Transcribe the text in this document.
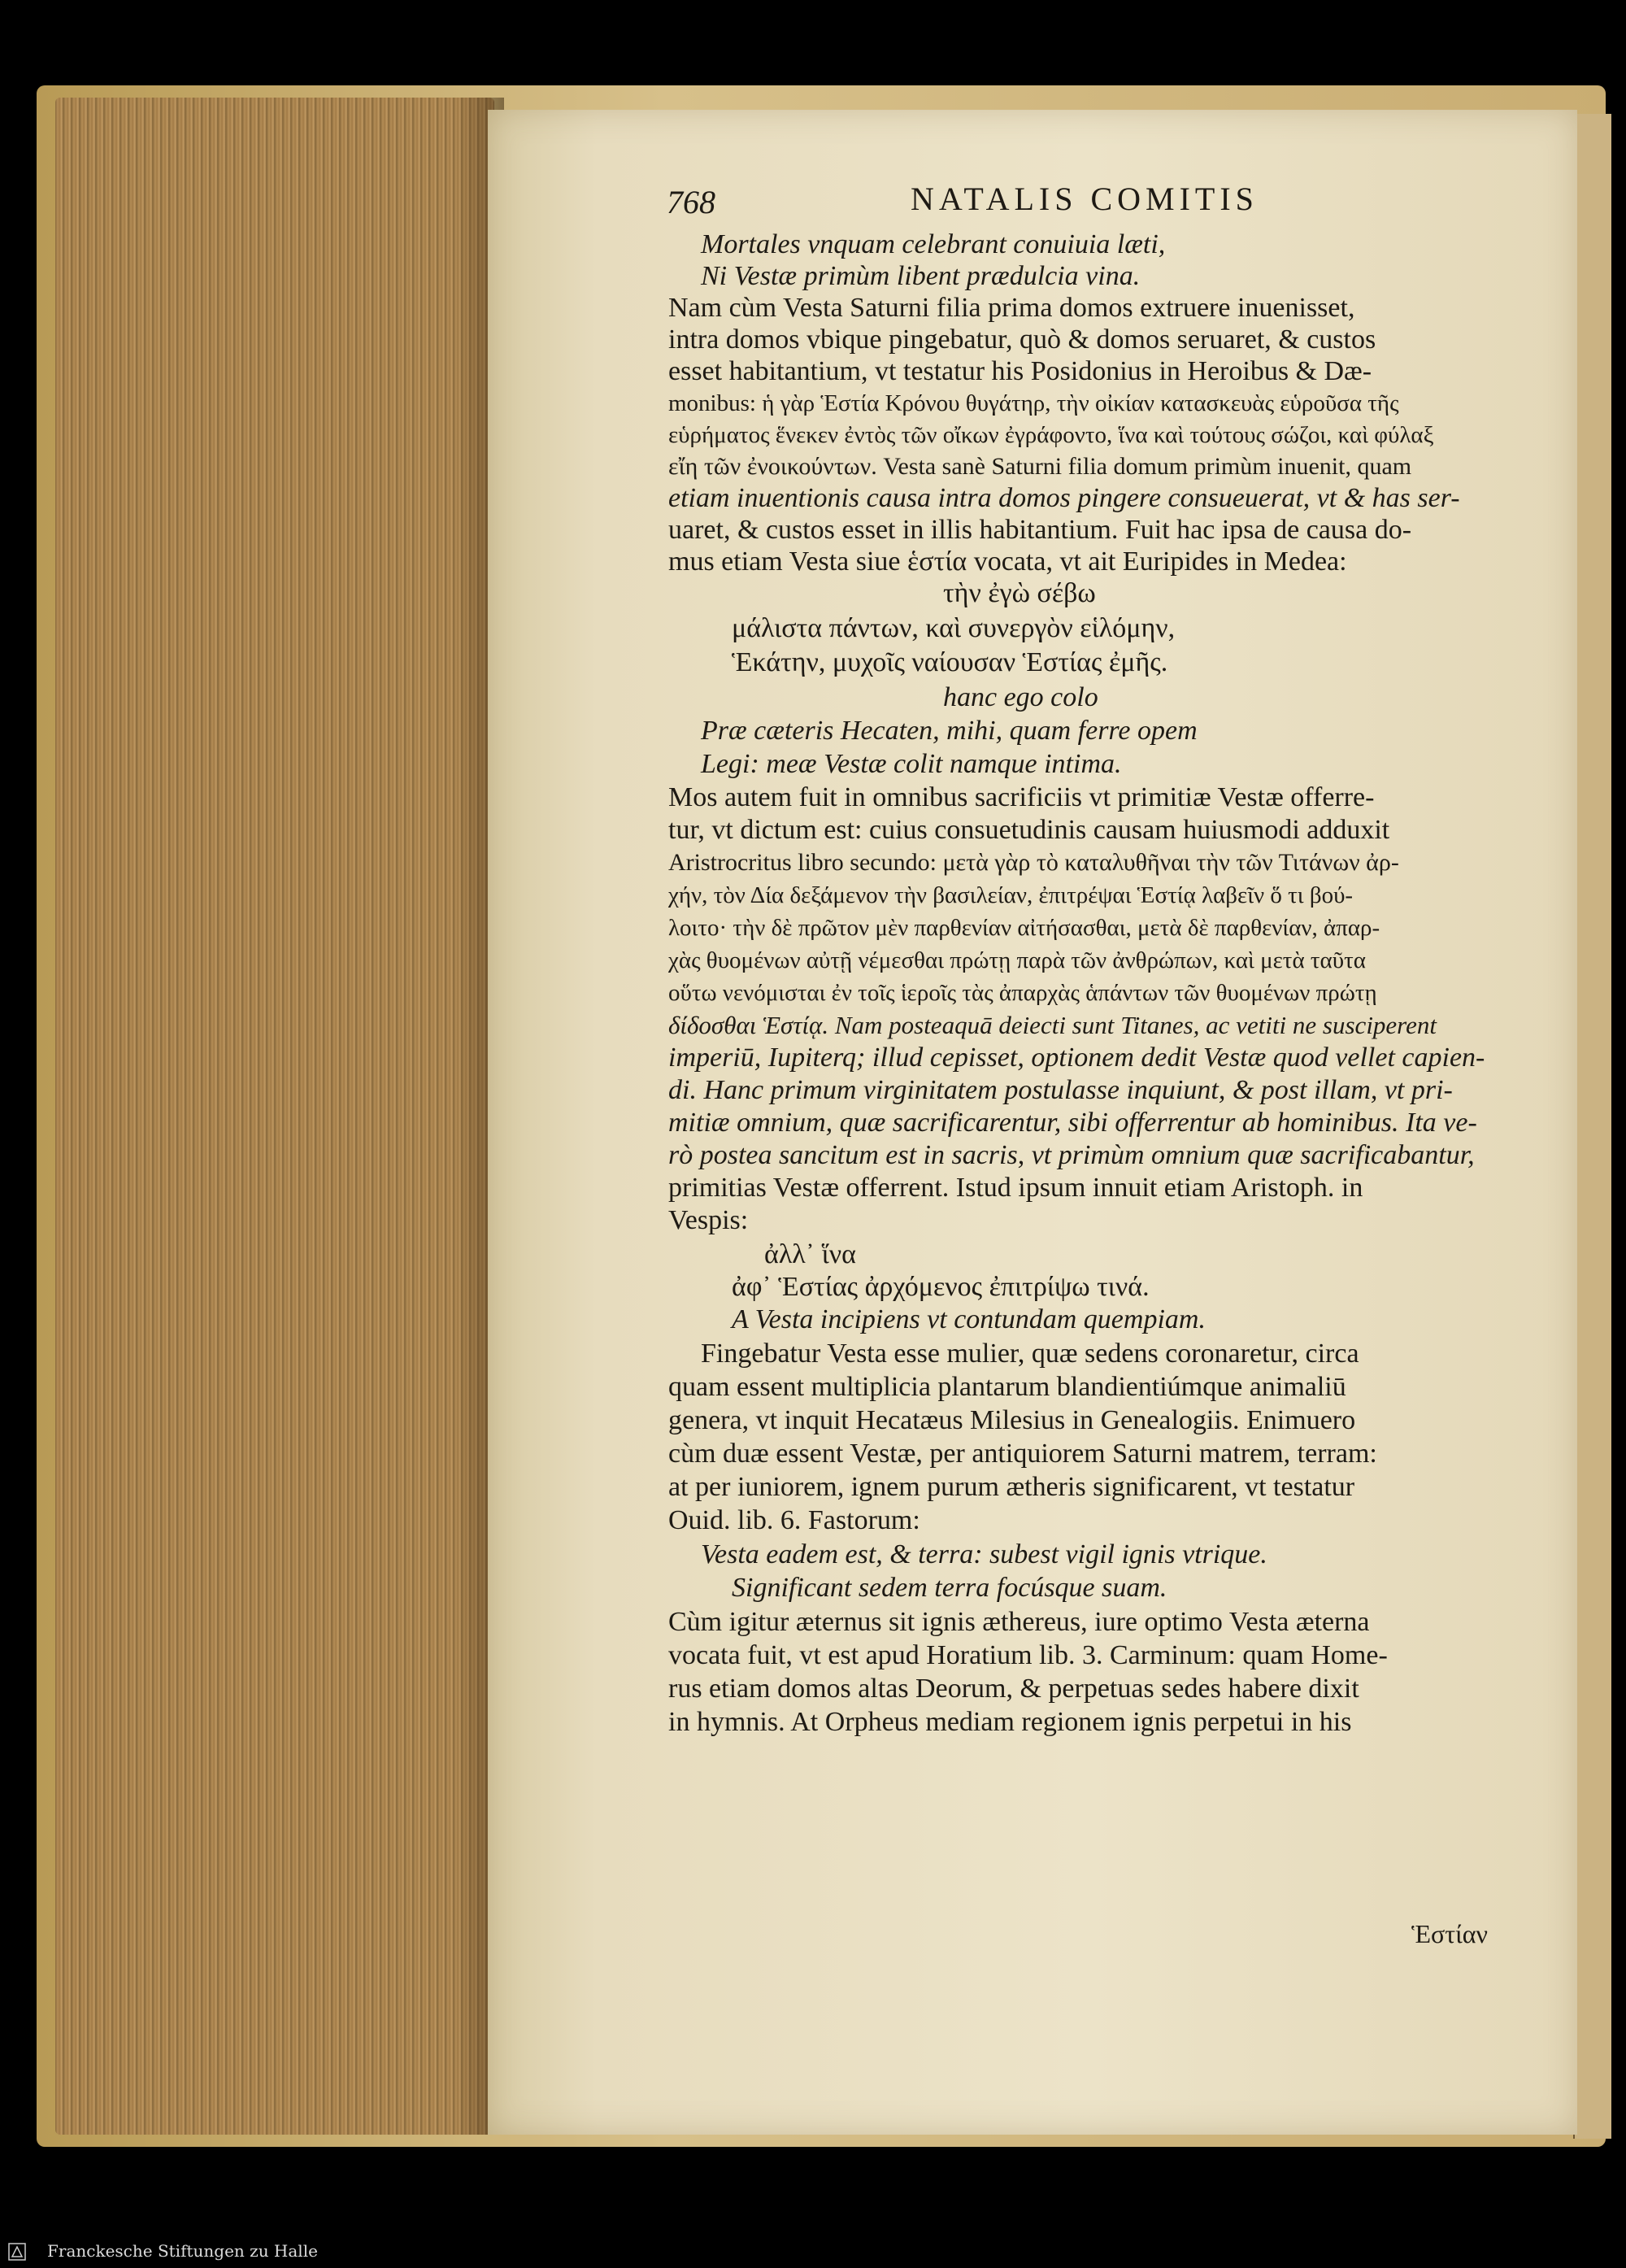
768	NATALIS COMITIS
Mortales vnquam celebrant conuiuia læti,
Ni Vestæ primùm libent prædulcia vina.
Nam cùm Vesta Saturni filia prima domos extruere inuenisset,
intra domos vbique pingebatur, quò & domos seruaret, & custos
esset habitantium, vt testatur his Posidonius in Heroibus & Dæ-
monibus: ἡ γὰρ Ἑστία Κρόνου θυγάτηρ, τὴν οἰκίαν κατασκευὰς εὑροῦσα τῆς
εὑρήματος ἕνεκεν ἐντὸς τῶν οἴκων ἐγράφοντο, ἵνα καὶ τούτους σώζοι, καὶ φύλαξ
εἴη τῶν ἐνοικούντων. Vesta sanè Saturni filia domum primùm inuenit, quam
etiam inuentionis causa intra domos pingere consueuerat, vt & has ser-
uaret, & custos esset in illis habitantium. Fuit hac ipsa de causa do-
mus etiam Vesta siue ἑστία vocata, vt ait Euripides in Medea:
τὴν ἐγὼ σέβω
μάλιστα πάντων, καὶ συνεργὸν εἱλόμην,
Ἑκάτην, μυχοῖς ναίουσαν Ἑστίας ἐμῆς.
hanc ego colo
Præ cæteris Hecaten, mihi, quam ferre opem
Legi: meæ Vestæ colit namque intima.
Mos autem fuit in omnibus sacrificiis vt primitiæ Vestæ offerre-
tur, vt dictum est: cuius consuetudinis causam huiusmodi adduxit
Aristrocritus libro secundo: μετὰ γὰρ τὸ καταλυθῆναι τὴν τῶν Τιτάνων ἀρ-
χήν, τὸν Δία δεξάμενον τὴν βασιλείαν, ἐπιτρέψαι Ἑστίᾳ λαβεῖν ὅ τι βού-
λοιτο· τὴν δὲ πρῶτον μὲν παρθενίαν αἰτήσασθαι, μετὰ δὲ παρθενίαν, ἀπαρ-
χὰς θυομένων αὐτῇ νέμεσθαι πρώτῃ παρὰ τῶν ἀνθρώπων, καὶ μετὰ ταῦτα
οὕτω νενόμισται ἐν τοῖς ἱεροῖς τὰς ἀπαρχὰς ἁπάντων τῶν θυομένων πρώτῃ
δίδοσθαι Ἑστίᾳ. Nam posteaquā deiecti sunt Titanes, ac vetiti ne susciperent
imperiū, Iupiterq; illud cepisset, optionem dedit Vestæ quod vellet capien-
di. Hanc primum virginitatem postulasse inquiunt, & post illam, vt pri-
mitiæ omnium, quæ sacrificarentur, sibi offerrentur ab hominibus. Ita ve-
rò postea sancitum est in sacris, vt primùm omnium quæ sacrificabantur,
primitias Vestæ offerrent. Istud ipsum innuit etiam Aristoph. in
Vespis:
ἀλλ᾽ ἵνα
ἀφ᾽ Ἑστίας ἀρχόμενος ἐπιτρίψω τινά.
A Vesta incipiens vt contundam quempiam.
Fingebatur Vesta esse mulier, quæ sedens coronaretur, circa
quam essent multiplicia plantarum blandientiúmque animaliū
genera, vt inquit Hecatæus Milesius in Genealogiis. Enimuero
cùm duæ essent Vestæ, per antiquiorem Saturni matrem, terram:
at per iuniorem, ignem purum ætheris significarent, vt testatur
Ouid. lib. 6. Fastorum:
Vesta eadem est, & terra: subest vigil ignis vtrique.
Significant sedem terra focúsque suam.
Cùm igitur æternus sit ignis æthereus, iure optimo Vesta æterna
vocata fuit, vt est apud Horatium lib. 3. Carminum: quam Home-
rus etiam domos altas Deorum, & perpetuas sedes habere dixit
in hymnis. At Orpheus mediam regionem ignis perpetui in his
Ἑστίαν
Franckesche Stiftungen zu Halle
